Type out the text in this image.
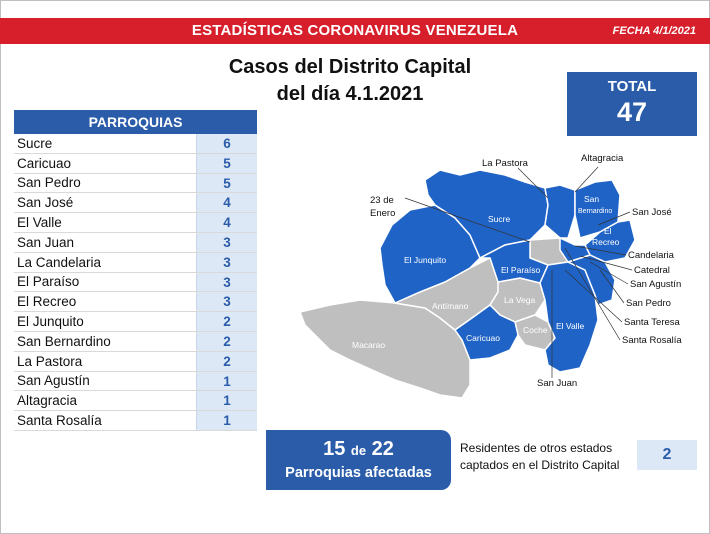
ESTADÍSTICAS CORONAVIRUS VENEZUELA	FECHA 4/1/2021
Casos del Distrito Capital
del día 4.1.2021	TOTAL
47
PARROQUIAS
Sucre	6
Caricuao	5
San Pedro	5
San José	4
El Valle	4
San Juan	3
La Candelaria	3
El Paraíso	3
El Recreo	3
El Junquito	2
San Bernardino	2
La Pastora	2
San Agustín	1
Altagracia	1
Santa Rosalía	1
Sucre
San
Bernardino
El
Recreo
El Junquito
El Paraíso
Antímano
La Vega
Caricuao
Coche El Valle
Macarao
La Pastora	Altagracia
23 de
Enero	San José
Candelaria
Catedral
San Agustín
San Pedro
Santa Teresa
Santa Rosalía
San Juan
15 de 22
Parroquias afectadas
Residentes de otros estados captados en el Distrito Capital
2
